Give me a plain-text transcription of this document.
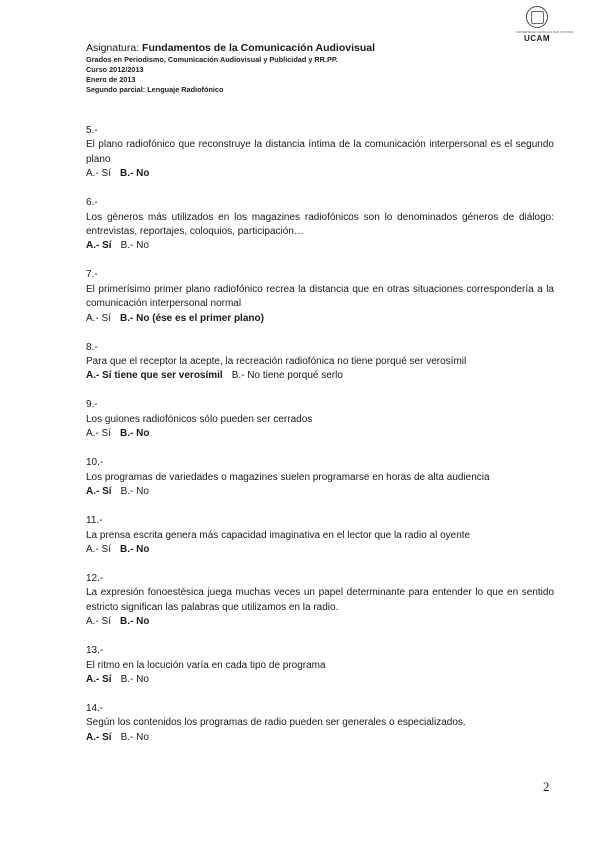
UNIVERSIDAD CATÓLICA SAN ANTONIO
UCAM
Asignatura: Fundamentos de la Comunicación Audiovisual
Grados en Periodismo, Comunicación Audiovisual y Publicidad y RR.PP.
Curso 2012/2013
Enero de 2013
Segundo parcial: Lenguaje Radiofónico
5.-
El plano radiofónico que reconstruye la distancia íntima de la comunicación interpersonal es el segundo plano
A.- Sí B.- No
6.-
Los géneros más utilizados en los magazines radiofónicos son lo denominados géneros de diálogo: entrevistas, reportajes, coloquios, participación…
A.- Sí B.- No
7.-
El primerísimo primer plano radiofónico recrea la distancia que en otras situaciones correspondería a la comunicación interpersonal normal
A.- Sí B.- No (ése es el primer plano)
8.-
Para que el receptor la acepte, la recreación radiofónica no tiene porqué ser verosímil
A.- Sí tiene que ser verosímil B.- No tiene porqué serlo
9.-
Los guiones radiofónicos sólo pueden ser cerrados
A.- Sí B.- No
10.-
Los programas de variedades o magazines suelen programarse en horas de alta audiencia
A.- Sí B.- No
11.-
La prensa escrita genera más capacidad imaginativa en el lector que la radio al oyente
A.- Sí B.- No
12.-
La expresión fonoestésica juega muchas veces un papel determinante para entender lo que en sentido estricto significan las palabras que utilizamos en la radio.
A.- Sí B.- No
13.-
El ritmo en la locución varía en cada tipo de programa
A.- Sí B.- No
14.-
Según los contenidos los programas de radio pueden ser generales o especializados.
A.- Sí B.- No
2
